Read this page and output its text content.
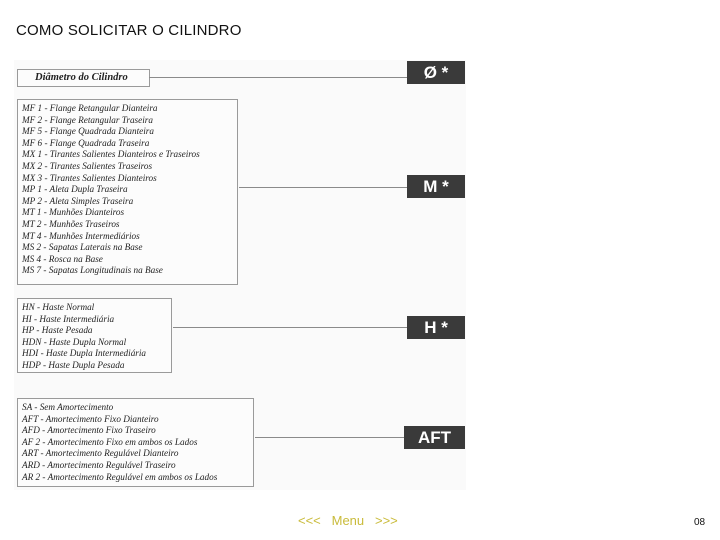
COMO SOLICITAR O CILINDRO
Diâmetro do Cilindro	Ø *
MF 1 - Flange Retangular Dianteira
MF 2 - Flange Retangular Traseira
MF 5 - Flange Quadrada Dianteira
MF 6 - Flange Quadrada Traseira
MX 1 - Tirantes Salientes Dianteiros e Traseiros
MX 2 - Tirantes Salientes Traseiros
MX 3 - Tirantes Salientes Dianteiros
MP 1 - Aleta Dupla Traseira
MP 2 - Aleta Simples Traseira
MT 1 - Munhões Dianteiros
MT 2 - Munhões Traseiros
MT 4 - Munhões Intermediários
MS 2 - Sapatas Laterais na Base
MS 4 - Rosca na Base
MS 7 - Sapatas Longitudinais na Base
M *
HN - Haste Normal
HI - Haste Intermediária
HP - Haste Pesada
HDN - Haste Dupla Normal
HDI - Haste Dupla Intermediária
HDP - Haste Dupla Pesada
H *
SA - Sem Amortecimento
AFT - Amortecimento Fixo Dianteiro
AFD - Amortecimento Fixo Traseiro
AF 2 - Amortecimento Fixo em ambos os Lados
ART - Amortecimento Regulável Dianteiro
ARD - Amortecimento Regulável Traseiro
AR 2 - Amortecimento Regulável em ambos os Lados
AFT
<<< Menu >>>	08
